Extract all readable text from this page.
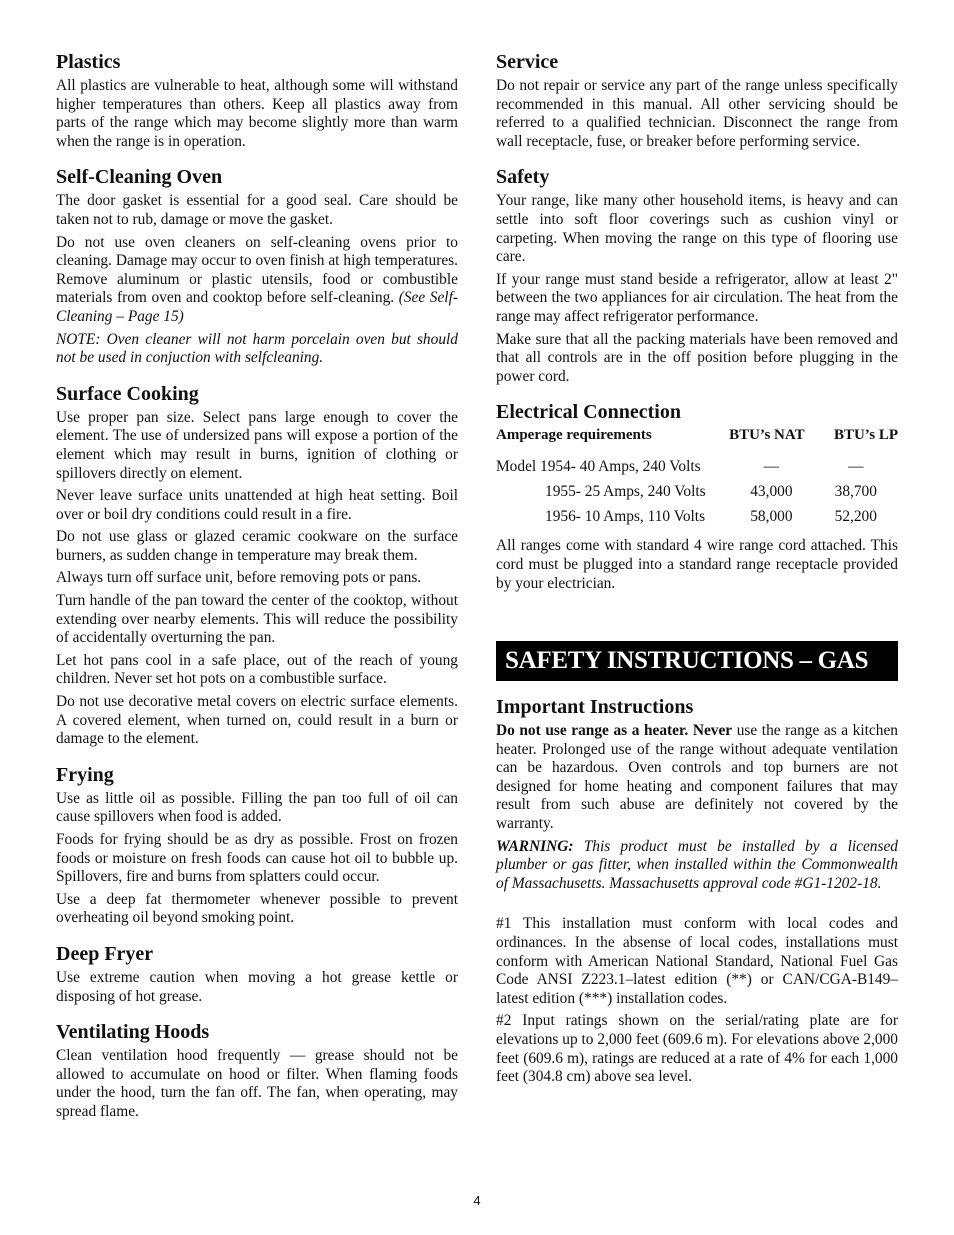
Plastics

All plastics are vulnerable to heat, although some will withstand higher temperatures than others. Keep all plastics away from parts of the range which may become slightly more than warm when the range is in operation.

Self-Cleaning Oven

The door gasket is essential for a good seal. Care should be taken not to rub, damage or move the gasket.

Do not use oven cleaners on self-cleaning ovens prior to cleaning. Damage may occur to oven finish at high temperatures. Remove aluminum or plastic utensils, food or combustible materials from oven and cooktop before self-cleaning. (See Self-Cleaning – Page 15)

NOTE: Oven cleaner will not harm porcelain oven but should not be used in conjuction with selfcleaning.

Surface Cooking

Use proper pan size. Select pans large enough to cover the element. The use of undersized pans will expose a portion of the element which may result in burns, ignition of clothing or spillovers directly on element.

Never leave surface units unattended at high heat setting. Boil over or boil dry conditions could result in a fire.

Do not use glass or glazed ceramic cookware on the surface burners, as sudden change in temperature may break them.

Always turn off surface unit, before removing pots or pans.

Turn handle of the pan toward the center of the cooktop, without extending over nearby elements. This will reduce the possibility of accidentally overturning the pan.

Let hot pans cool in a safe place, out of the reach of young children. Never set hot pots on a combustible surface.

Do not use decorative metal covers on electric surface elements. A covered element, when turned on, could result in a burn or damage to the element.

Frying

Use as little oil as possible. Filling the pan too full of oil can cause spillovers when food is added.

Foods for frying should be as dry as possible. Frost on frozen foods or moisture on fresh foods can cause hot oil to bubble up. Spillovers, fire and burns from splatters could occur.

Use a deep fat thermometer whenever possible to prevent overheating oil beyond smoking point.

Deep Fryer

Use extreme caution when moving a hot grease kettle or disposing of hot grease.

Ventilating Hoods

Clean ventilation hood frequently — grease should not be allowed to accumulate on hood or filter. When flaming foods under the hood, turn the fan off. The fan, when operating, may spread flame.

Service

Do not repair or service any part of the range unless specifically recommended in this manual. All other servicing should be referred to a qualified technician. Disconnect the range from wall receptacle, fuse, or breaker before performing service.

Safety

Your range, like many other household items, is heavy and can settle into soft floor coverings such as cushion vinyl or carpeting. When moving the range on this type of flooring use care.

If your range must stand beside a refrigerator, allow at least 2" between the two appliances for air circulation. The heat from the range may affect refrigerator performance.

Make sure that all the packing materials have been removed and that all controls are in the off position before plugging in the power cord.

Electrical Connection
Amperage requirements	BTU’s NAT	BTU’s LP
Model 1954- 40 Amps, 240 Volts	—	—
1955- 25 Amps, 240 Volts	43,000	38,700
1956- 10 Amps, 110 Volts	58,000	52,200

All ranges come with standard 4 wire range cord attached. This cord must be plugged into a standard range receptacle provided by your electrician.

SAFETY INSTRUCTIONS – GAS
Important Instructions

Do not use range as a heater. Never use the range as a kitchen heater. Prolonged use of the range without adequate ventilation can be hazardous. Oven controls and top burners are not designed for home heating and component failures that may result from such abuse are definitely not covered by the warranty.

WARNING: This product must be installed by a licensed plumber or gas fitter, when installed within the Commonwealth of Massachusetts. Massachusetts approval code #G1-1202-18.

#1 This installation must conform with local codes and ordinances. In the absense of local codes, installations must conform with American National Standard, National Fuel Gas Code ANSI Z223.1–latest edition (**) or CAN/CGA-B149–latest edition (***) installation codes.

#2 Input ratings shown on the serial/rating plate are for elevations up to 2,000 feet (609.6 m). For elevations above 2,000 feet (609.6 m), ratings are reduced at a rate of 4% for each 1,000 feet (304.8 cm) above sea level.

4
